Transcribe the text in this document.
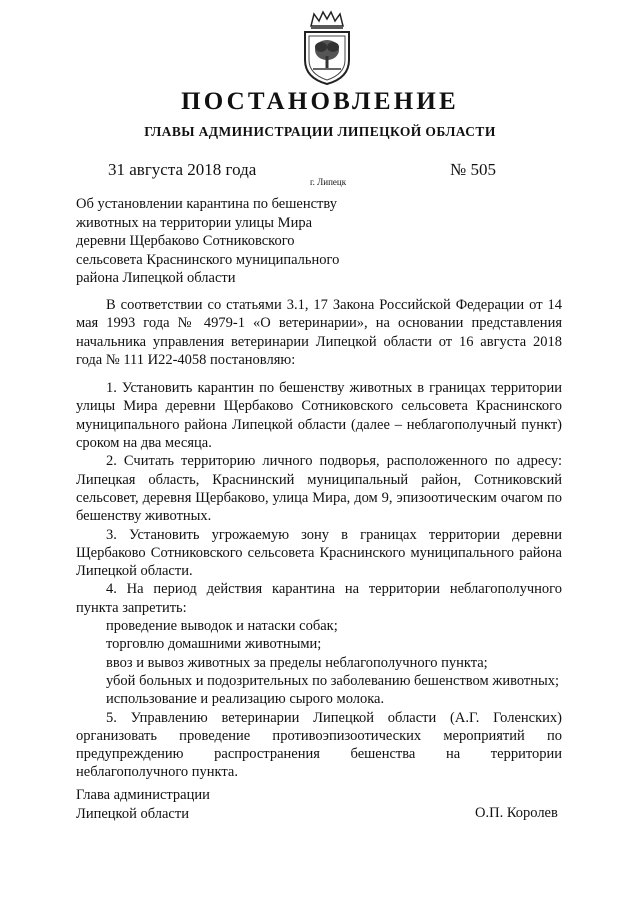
ПОСТАНОВЛЕНИЕ
ГЛАВЫ АДМИНИСТРАЦИИ ЛИПЕЦКОЙ ОБЛАСТИ
31 августа 2018 года
г. Липецк
№ 505
Об установлении карантина по бешенству
животных на территории улицы Мира
деревни Щербаково Сотниковского
сельсовета Краснинского муниципального
района Липецкой области

В соответствии со статьями 3.1, 17 Закона Российской Федерации от 14 мая 1993 года № 4979-1 «О ветеринарии», на основании представления начальника управления ветеринарии Липецкой области от 16 августа 2018 года № 111 И22-4058 постановляю:

1. Установить карантин по бешенству животных в границах территории улицы Мира деревни Щербаково Сотниковского сельсовета Краснинского муниципального района Липецкой области (далее – неблагополучный пункт) сроком на два месяца.

2. Считать территорию личного подворья, расположенного по адресу: Липецкая область, Краснинский муниципальный район, Сотниковский сельсовет, деревня Щербаково, улица Мира, дом 9, эпизоотическим очагом по бешенству животных.

3. Установить угрожаемую зону в границах территории деревни Щербаково Сотниковского сельсовета Краснинского муниципального района Липецкой области.

4. На период действия карантина на территории неблагополучного пункта запретить:

проведение выводок и натаски собак;

торговлю домашними животными;

ввоз и вывоз животных за пределы неблагополучного пункта;

убой больных и подозрительных по заболеванию бешенством животных;

использование и реализацию сырого молока.

5. Управлению ветеринарии Липецкой области (А.Г. Голенских) организовать проведение противоэпизоотических мероприятий по предупреждению распространения бешенства на территории неблагополучного пункта.

Глава администрации
Липецкой области	О.П. Королев
